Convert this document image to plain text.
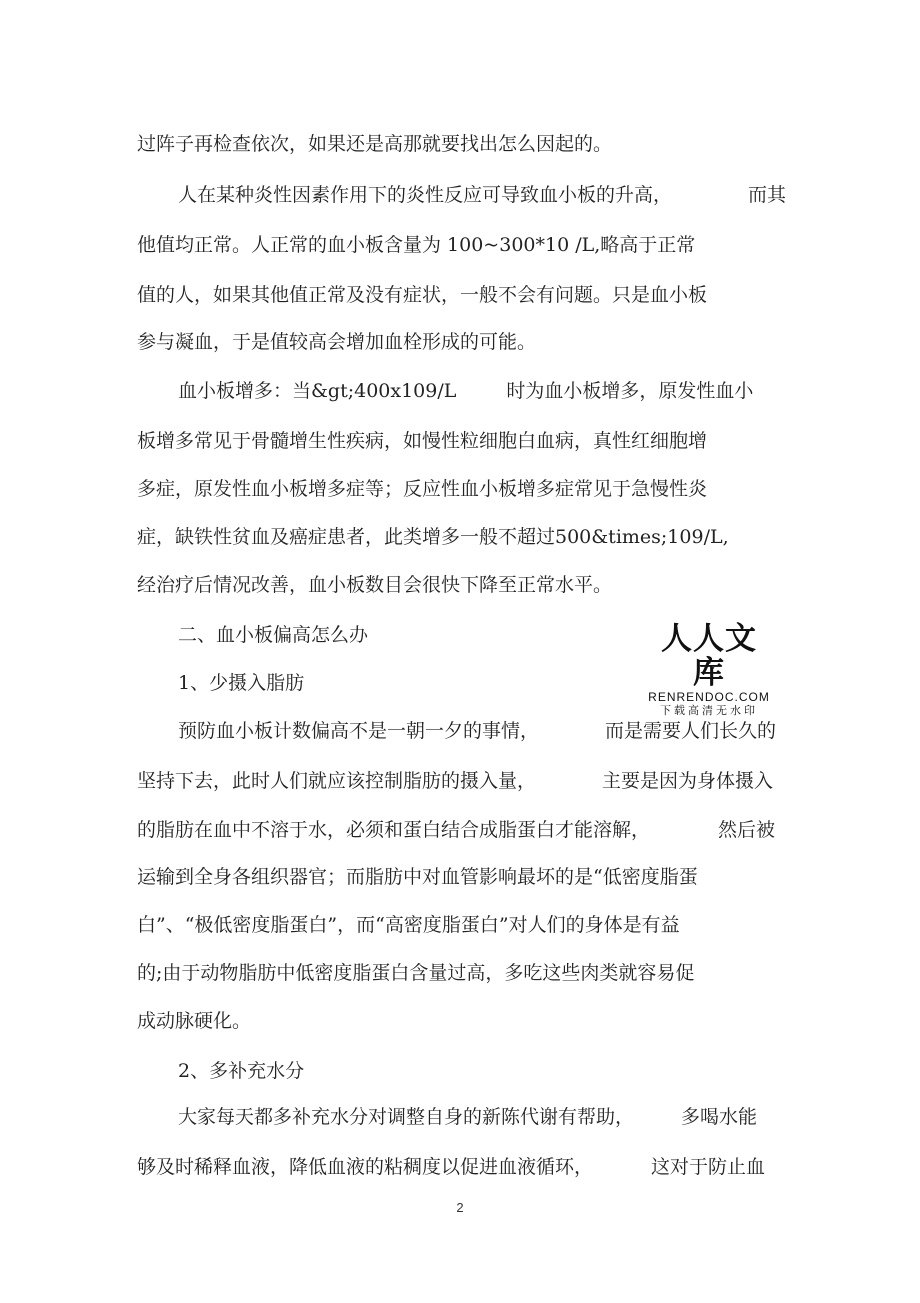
过阵子再检查依次，如果还是高那就要找出怎么因起的。

人在某种炎性因素作用下的炎性反应可导致血小板的升高，	而其

他值均正常。人正常的血小板含量为 100~300*10 /L,略高于正常

值的人，如果其他值正常及没有症状，一般不会有问题。只是血小板

参与凝血，于是值较高会增加血栓形成的可能。

血小板增多：当&gt;400x109/L	时为血小板增多，原发性血小

板增多常见于骨髓增生性疾病，如慢性粒细胞白血病，真性红细胞增

多症，原发性血小板增多症等；反应性血小板增多症常见于急慢性炎

症，缺铁性贫血及癌症患者，此类增多一般不超过500&times;109/L,

经治疗后情况改善，血小板数目会很快下降至正常水平。

二、血小板偏高怎么办

1、少摄入脂肪

人人文库
RENRENDOC.COM
下载高清无水印

预防血小板计数偏高不是一朝一夕的事情，	而是需要人们长久的

坚持下去，此时人们就应该控制脂肪的摄入量，	主要是因为身体摄入

的脂肪在血中不溶于水，必须和蛋白结合成脂蛋白才能溶解，	然后被

运输到全身各组织器官；而脂肪中对血管影响最坏的是“低密度脂蛋

白”、“极低密度脂蛋白”，而“高密度脂蛋白”对人们的身体是有益

的;由于动物脂肪中低密度脂蛋白含量过高，多吃这些肉类就容易促

成动脉硬化。

2、多补充水分

大家每天都多补充水分对调整自身的新陈代谢有帮助， 多喝水能

够及时稀释血液，降低血液的粘稠度以促进血液循环，	这对于防止血

2
